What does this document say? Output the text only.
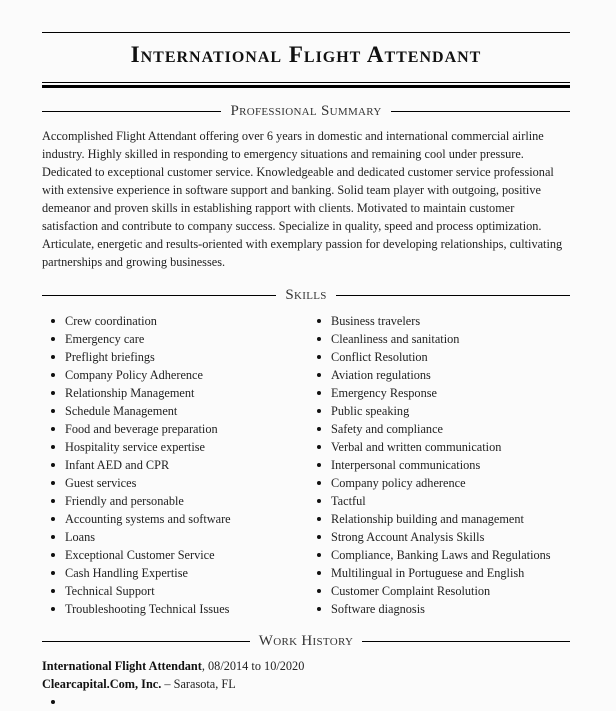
International Flight Attendant
Professional Summary

Accomplished Flight Attendant offering over 6 years in domestic and international commercial airline industry. Highly skilled in responding to emergency situations and remaining cool under pressure. Dedicated to exceptional customer service. Knowledgeable and dedicated customer service professional with extensive experience in software support and banking. Solid team player with outgoing, positive demeanor and proven skills in establishing rapport with clients. Motivated to maintain customer satisfaction and contribute to company success. Specialize in quality, speed and process optimization. Articulate, energetic and results-oriented with exemplary passion for developing relationships, cultivating partnerships and growing businesses.

Skills
Crew coordination
Emergency care
Preflight briefings
Company Policy Adherence
Relationship Management
Schedule Management
Food and beverage preparation
Hospitality service expertise
Infant AED and CPR
Guest services
Friendly and personable
Accounting systems and software
Loans
Exceptional Customer Service
Cash Handling Expertise
Technical Support
Troubleshooting Technical Issues
Business travelers
Cleanliness and sanitation
Conflict Resolution
Aviation regulations
Emergency Response
Public speaking
Safety and compliance
Verbal and written communication
Interpersonal communications
Company policy adherence
Tactful
Relationship building and management
Strong Account Analysis Skills
Compliance, Banking Laws and Regulations
Multilingual in Portuguese and English
Customer Complaint Resolution
Software diagnosis
Work History
International Flight Attendant, 08/2014 to 10/2020
Clearcapital.Com, Inc. – Sarasota, FL
